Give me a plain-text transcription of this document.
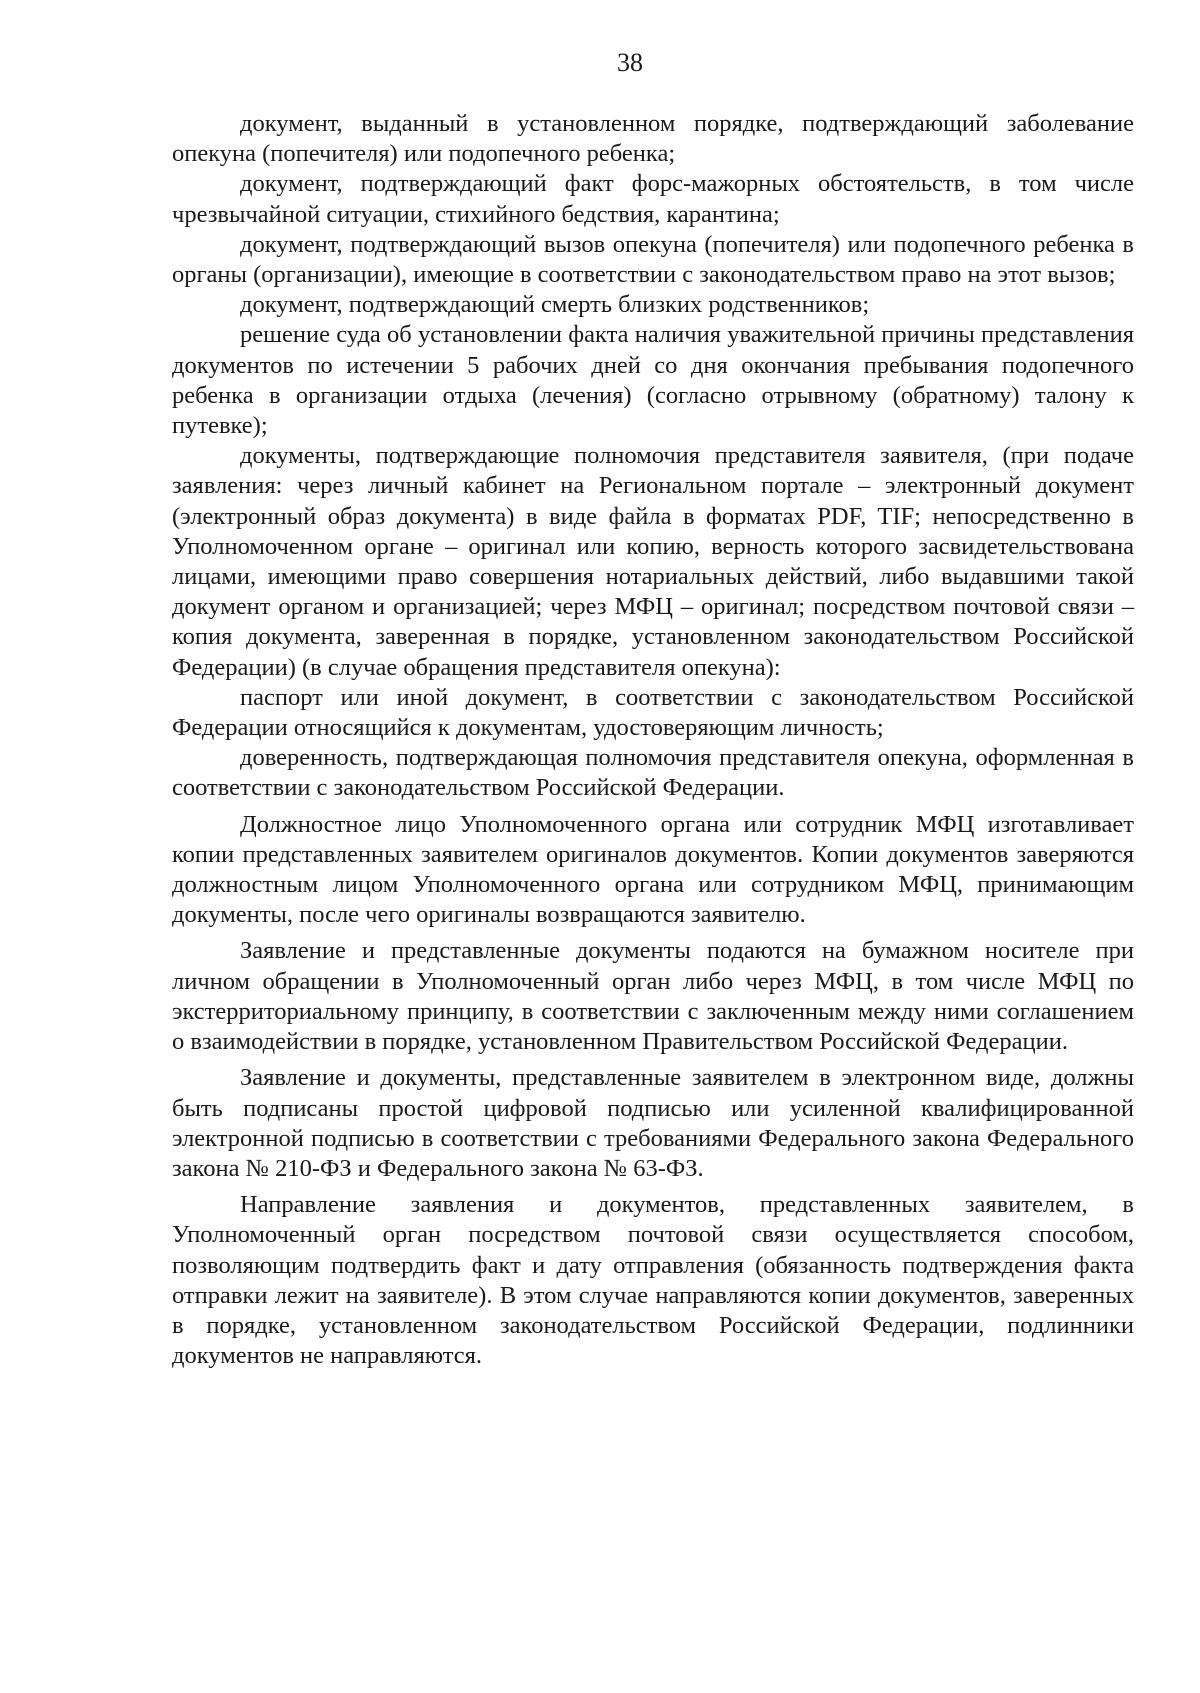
38

документ, выданный в установленном порядке, подтверждающий заболевание опекуна (попечителя) или подопечного ребенка;

документ, подтверждающий факт форс-мажорных обстоятельств, в том числе чрезвычайной ситуации, стихийного бедствия, карантина;

документ, подтверждающий вызов опекуна (попечителя) или подопечного ребенка в органы (организации), имеющие в соответствии с законодательством право на этот вызов;

документ, подтверждающий смерть близких родственников;

решение суда об установлении факта наличия уважительной причины представления документов по истечении 5 рабочих дней со дня окончания пребывания подопечного ребенка в организации отдыха (лечения) (согласно отрывному (обратному) талону к путевке);

документы, подтверждающие полномочия представителя заявителя, (при подаче заявления: через личный кабинет на Региональном портале – электронный документ (электронный образ документа) в виде файла в форматах PDF, TIF; непосредственно в Уполномоченном органе – оригинал или копию, верность которого засвидетельствована лицами, имеющими право совершения нотариальных действий, либо выдавшими такой документ органом и организацией; через МФЦ – оригинал; посредством почтовой связи – копия документа, заверенная в порядке, установленном законодательством Российской Федерации) (в случае обращения представителя опекуна):

паспорт или иной документ, в соответствии с законодательством Российской Федерации относящийся к документам, удостоверяющим личность;

доверенность, подтверждающая полномочия представителя опекуна, оформленная в соответствии с законодательством Российской Федерации.

Должностное лицо Уполномоченного органа или сотрудник МФЦ изготавливает копии представленных заявителем оригиналов документов. Копии документов заверяются должностным лицом Уполномоченного органа или сотрудником МФЦ, принимающим документы, после чего оригиналы возвращаются заявителю.

Заявление и представленные документы подаются на бумажном носителе при личном обращении в Уполномоченный орган либо через МФЦ, в том числе МФЦ по экстерриториальному принципу, в соответствии с заключенным между ними соглашением о взаимодействии в порядке, установленном Правительством Российской Федерации.

Заявление и документы, представленные заявителем в электронном виде, должны быть подписаны простой цифровой подписью или усиленной квалифицированной электронной подписью в соответствии с требованиями Федерального закона Федерального закона № 210-ФЗ и Федерального закона № 63-ФЗ.

Направление заявления и документов, представленных заявителем, в Уполномоченный орган посредством почтовой связи осуществляется способом, позволяющим подтвердить факт и дату отправления (обязанность подтверждения факта отправки лежит на заявителе). В этом случае направляются копии документов, заверенных в порядке, установленном законодательством Российской Федерации, подлинники документов не направляются.
